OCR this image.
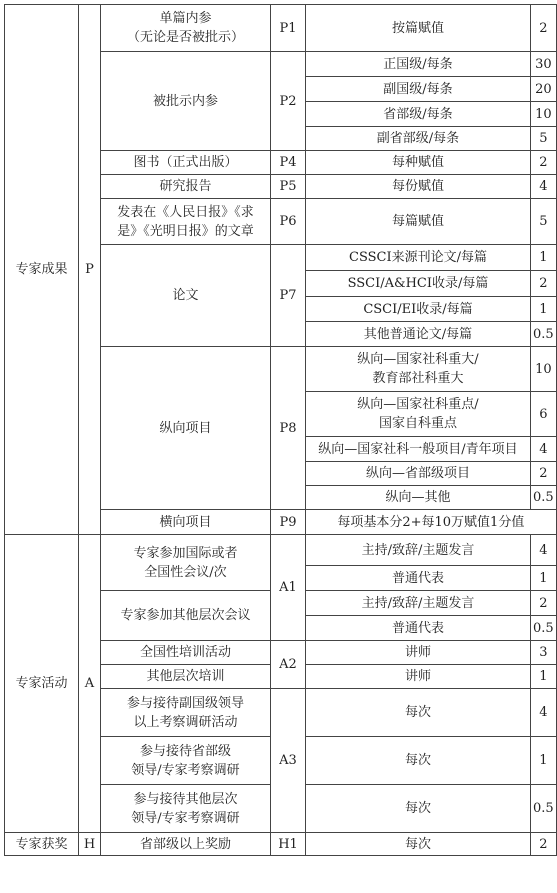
专家成果	P	单篇内参
（无论是否被批示）	P1	按篇赋值	2
		被批示内参	P2	正国级/每条	30
				副国级/每条	20
				省部级/每条	10
				副省部级/每条	5
		图书（正式出版）	P4	每种赋值	2
		研究报告	P5	每份赋值	4
		发表在《人民日报》《求
是》《光明日报》的文章	P6	每篇赋值	5
		论文	P7	CSSCI来源刊论文/每篇	1
				SSCI/A&HCI收录/每篇	2
				CSCI/EI收录/每篇	1
				其他普通论文/每篇	0.5
		纵向项目	P8	纵向—国家社科重大/
教育部社科重大	10
				纵向—国家社科重点/
国家自科重点	6
				纵向—国家社科一般项目/青年项目	4
				纵向—省部级项目	2
				纵向—其他	0.5
		横向项目	P9	每项基本分2+每10万赋值1分值	
专家活动	A	专家参加国际或者
全国性会议/次	A1	主持/致辞/主题发言	4
				普通代表	1
		专家参加其他层次会议		主持/致辞/主题发言	2
				普通代表	0.5
		全国性培训活动	A2	讲师	3
		其他层次培训		讲师	1
		参与接待副国级领导
以上考察调研活动	A3	每次	4
		参与接待省部级
领导/专家考察调研		每次	1
		参与接待其他层次
领导/专家考察调研		每次	0.5
专家获奖	H	省部级以上奖励	H1	每次	2
